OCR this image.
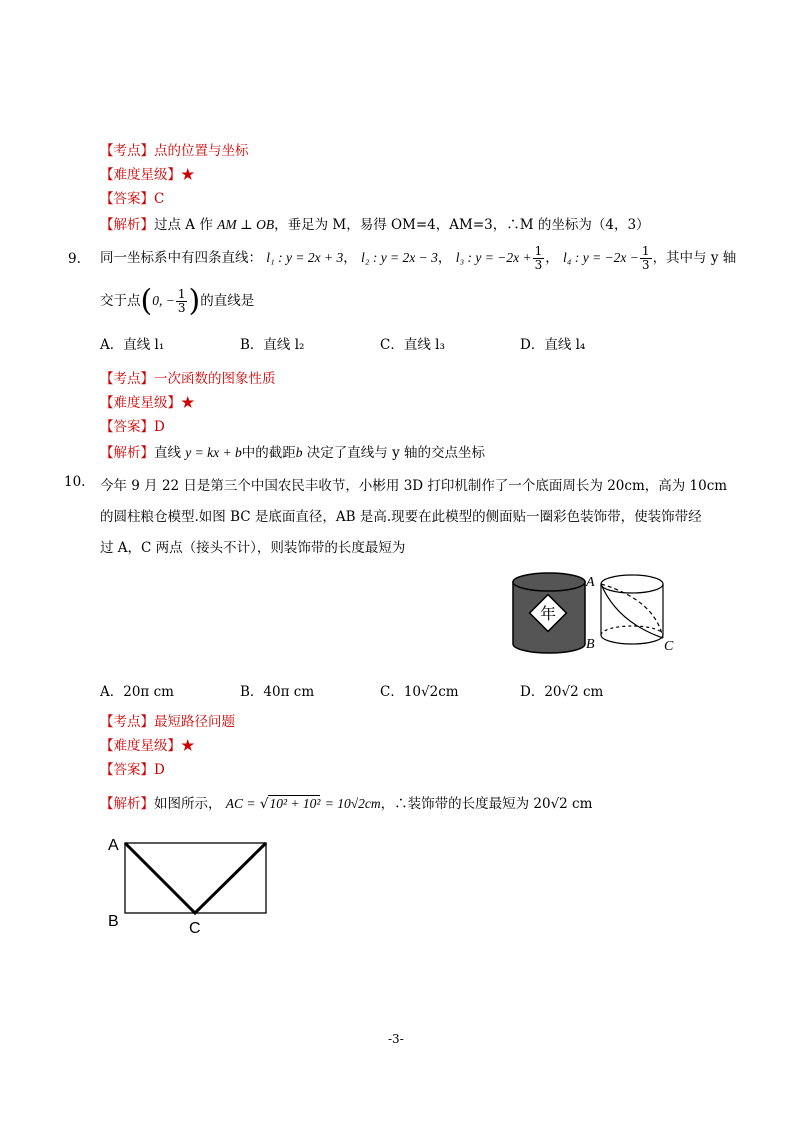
【考点】点的位置与坐标
【难度星级】★
【答案】C
【解析】过点 A 作 AM ⊥ OB，垂足为 M，易得 OM=4，AM=3，∴M 的坐标为（4，3）
9. 同一坐标系中有四条直线： l₁ : y = 2x + 3， l₂ : y = 2x − 3， l₃ : $y = -2x + \frac{1}{3}$ ， l₄ : $y = -2x - \frac{1}{3}$ ，其中与 y 轴
交于点(0, − $\frac{1}{3}$ )的直线是
A．直线 l₁	B．直线 l₂	C．直线 l₃	D．直线 l₄
【考点】一次函数的图象性质
【难度星级】★
【答案】D
【解析】直线 y = kx + b中的截距b 决定了直线与 y 轴的交点坐标
10. 今年 9 月 22 日是第三个中国农民丰收节，小彬用 3D 打印机制作了一个底面周长为 20cm，高为 10cm
的圆柱粮仓模型.如图 BC 是底面直径，AB 是高.现要在此模型的侧面贴一圈彩色装饰带，使装饰带经
过 A，C 两点（接头不计），则装饰带的长度最短为
年
A
B	C
A．20π cm	B．40π cm	C．10√2cm	D．20√2 cm
【考点】最短路径问题
【难度星级】★
【答案】D
【解析】如图所示， AC = √10² + 10² = 10√2cm，∴装饰带的长度最短为 20√2 cm
A
B	C
-3-
